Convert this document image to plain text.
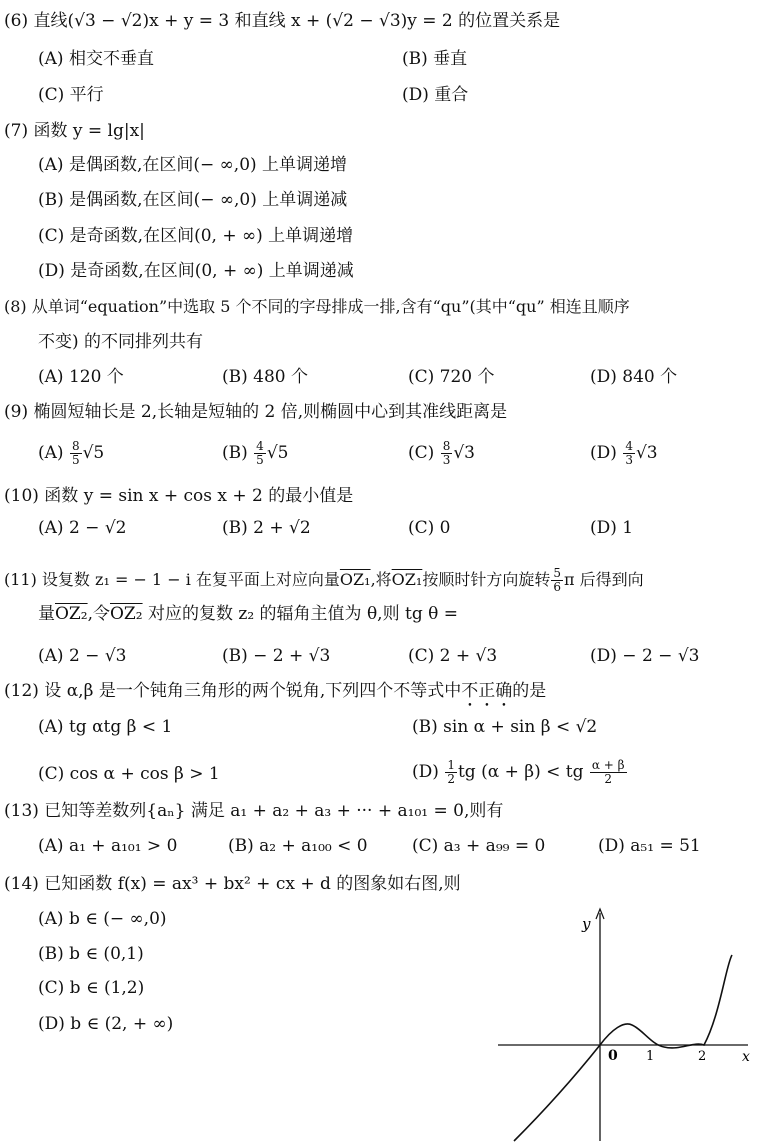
(6) 直线(√3 − √2)x + y = 3 和直线 x + (√2 − √3)y = 2 的位置关系是
(A) 相交不垂直	(B) 垂直
(C) 平行	(D) 重合
(7) 函数 y = lg|x|
(A) 是偶函数,在区间(− ∞,0) 上单调递增
(B) 是偶函数,在区间(− ∞,0) 上单调递减
(C) 是奇函数,在区间(0, + ∞) 上单调递增
(D) 是奇函数,在区间(0, + ∞) 上单调递减
(8) 从单词“equation”中选取 5 个不同的字母排成一排,含有“qu”(其中“qu” 相连且顺序
不变) 的不同排列共有
(A) 120 个	(B) 480 个	(C) 720 个	(D) 840 个
(9) 椭圆短轴长是 2,长轴是短轴的 2 倍,则椭圆中心到其准线距离是
$(A) \frac{8}{5} √5$	$(B) \frac{4}{5} √5$	$(C) \frac{8}{3} √3$	$(D) \frac{4}{3} √3$
(10) 函数 y = sin x + cos x + 2 的最小值是
(A) 2 − √2	(B) 2 + √2	(C) 0	(D) 1
(11) 设复数 z₁ = − 1 − i 在复平面上对应向量OZ₁,将OZ₁按顺时针方向旋转 $\frac{5}{6}$ π 后得到向
量OZ₂,令OZ₂ 对应的复数 z₂ 的辐角主值为 θ,则 tg θ =
(A) 2 − √3	(B) − 2 + √3	(C) 2 + √3	(D) − 2 − √3
(12) 设 α,β 是一个钝角三角形的两个锐角,下列四个不等式中不正确的是
(A) tg αtg β < 1	(B) sin α + sin β < √2
(C) cos α + cos β > 1	$(D) \frac{1}{2}$ tg (α + β) < tg $\frac{\alpha + \beta}{2}$
(13) 已知等差数列{aₙ} 满足 a₁ + a₂ + a₃ + ··· + a₁₀₁ = 0,则有
(A) a₁ + a₁₀₁ > 0	(B) a₂ + a₁₀₀ < 0	(C) a₃ + a₉₉ = 0	(D) a₅₁ = 51
(14) 已知函数 f(x) = ax³ + bx² + cx + d 的图象如右图,则
(A) b ∈ (− ∞,0)
(B) b ∈ (0,1)
(C) b ∈ (1,2)
(D) b ∈ (2, + ∞)
y
x
0 1	2
